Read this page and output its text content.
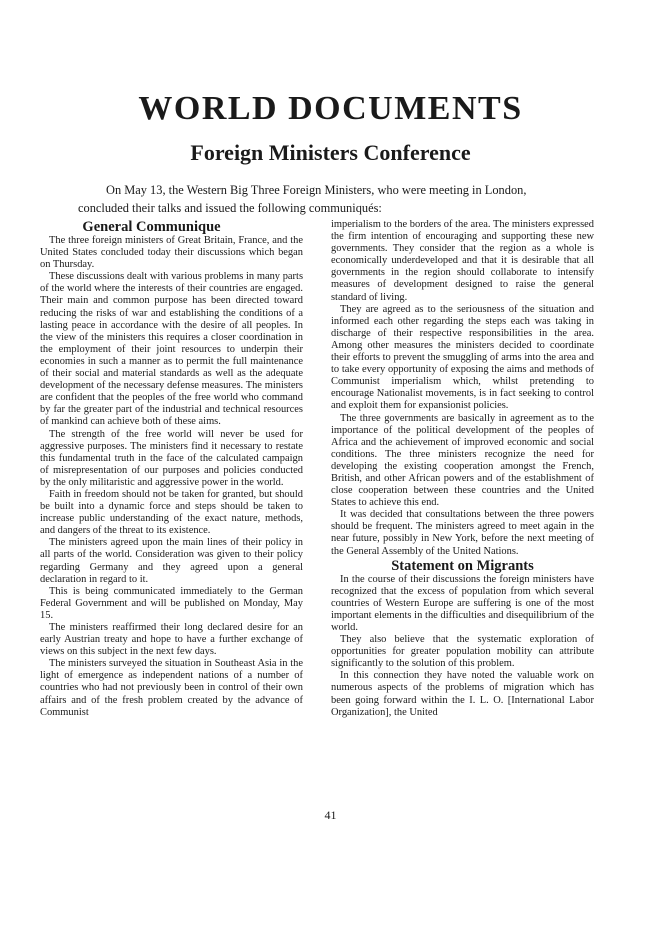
WORLD DOCUMENTS
Foreign Ministers Conference

On May 13, the Western Big Three Foreign Ministers, who were meeting in London, concluded their talks and issued the following communiqués:

General Communique

The three foreign ministers of Great Britain, France, and the United States concluded today their discussions which began on Thursday.

These discussions dealt with various problems in many parts of the world where the interests of their countries are engaged. Their main and common purpose has been directed toward reducing the risks of war and establishing the conditions of a lasting peace in accordance with the desire of all peoples. In the view of the ministers this requires a closer coordination in the employment of their joint resources to underpin their economies in such a manner as to permit the full maintenance of their social and material standards as well as the adequate development of the necessary defense measures. The ministers are confident that the peoples of the free world who command by far the greater part of the industrial and technical resources of mankind can achieve both of these aims.

The strength of the free world will never be used for aggressive purposes. The ministers find it necessary to restate this fundamental truth in the face of the calculated campaign of misrepresentation of our purposes and policies conducted by the only militaristic and aggressive power in the world.

Faith in freedom should not be taken for granted, but should be built into a dynamic force and steps should be taken to increase public understanding of the exact nature, methods, and dangers of the threat to its existence.

The ministers agreed upon the main lines of their policy in all parts of the world. Consideration was given to their policy regarding Germany and they agreed upon a general declaration in regard to it.

This is being communicated immediately to the German Federal Government and will be published on Monday, May 15.

The ministers reaffirmed their long declared desire for an early Austrian treaty and hope to have a further exchange of views on this subject in the next few days.

The ministers surveyed the situation in Southeast Asia in the light of emergence as independent nations of a number of countries who had not previously been in control of their own affairs and of the fresh problem created by the advance of Communist

imperialism to the borders of the area. The ministers expressed the firm intention of encouraging and supporting these new governments. They consider that the region as a whole is economically underdeveloped and that it is desirable that all governments in the region should collaborate to intensify measures of development designed to raise the general standard of living.

They are agreed as to the seriousness of the situation and informed each other regarding the steps each was taking in discharge of their respective responsibilities in the area. Among other measures the ministers decided to coordinate their efforts to prevent the smuggling of arms into the area and to take every opportunity of exposing the aims and methods of Communist imperialism which, whilst pretending to encourage Nationalist movements, is in fact seeking to control and exploit them for expansionist policies.

The three governments are basically in agreement as to the importance of the political development of the peoples of Africa and the achievement of improved economic and social conditions. The three ministers recognize the need for developing the existing cooperation amongst the French, British, and other African powers and of the establishment of close cooperation between these countries and the United States to achieve this end.

It was decided that consultations between the three powers should be frequent. The ministers agreed to meet again in the near future, possibly in New York, before the next meeting of the General Assembly of the United Nations.

Statement on Migrants

In the course of their discussions the foreign ministers have recognized that the excess of population from which several countries of Western Europe are suffering is one of the most important elements in the difficulties and disequilibrium of the world.

They also believe that the systematic exploration of opportunities for greater population mobility can attribute significantly to the solution of this problem.

In this connection they have noted the valuable work on numerous aspects of the problems of migration which has been going forward within the I. L. O. [International Labor Organization], the United

41
